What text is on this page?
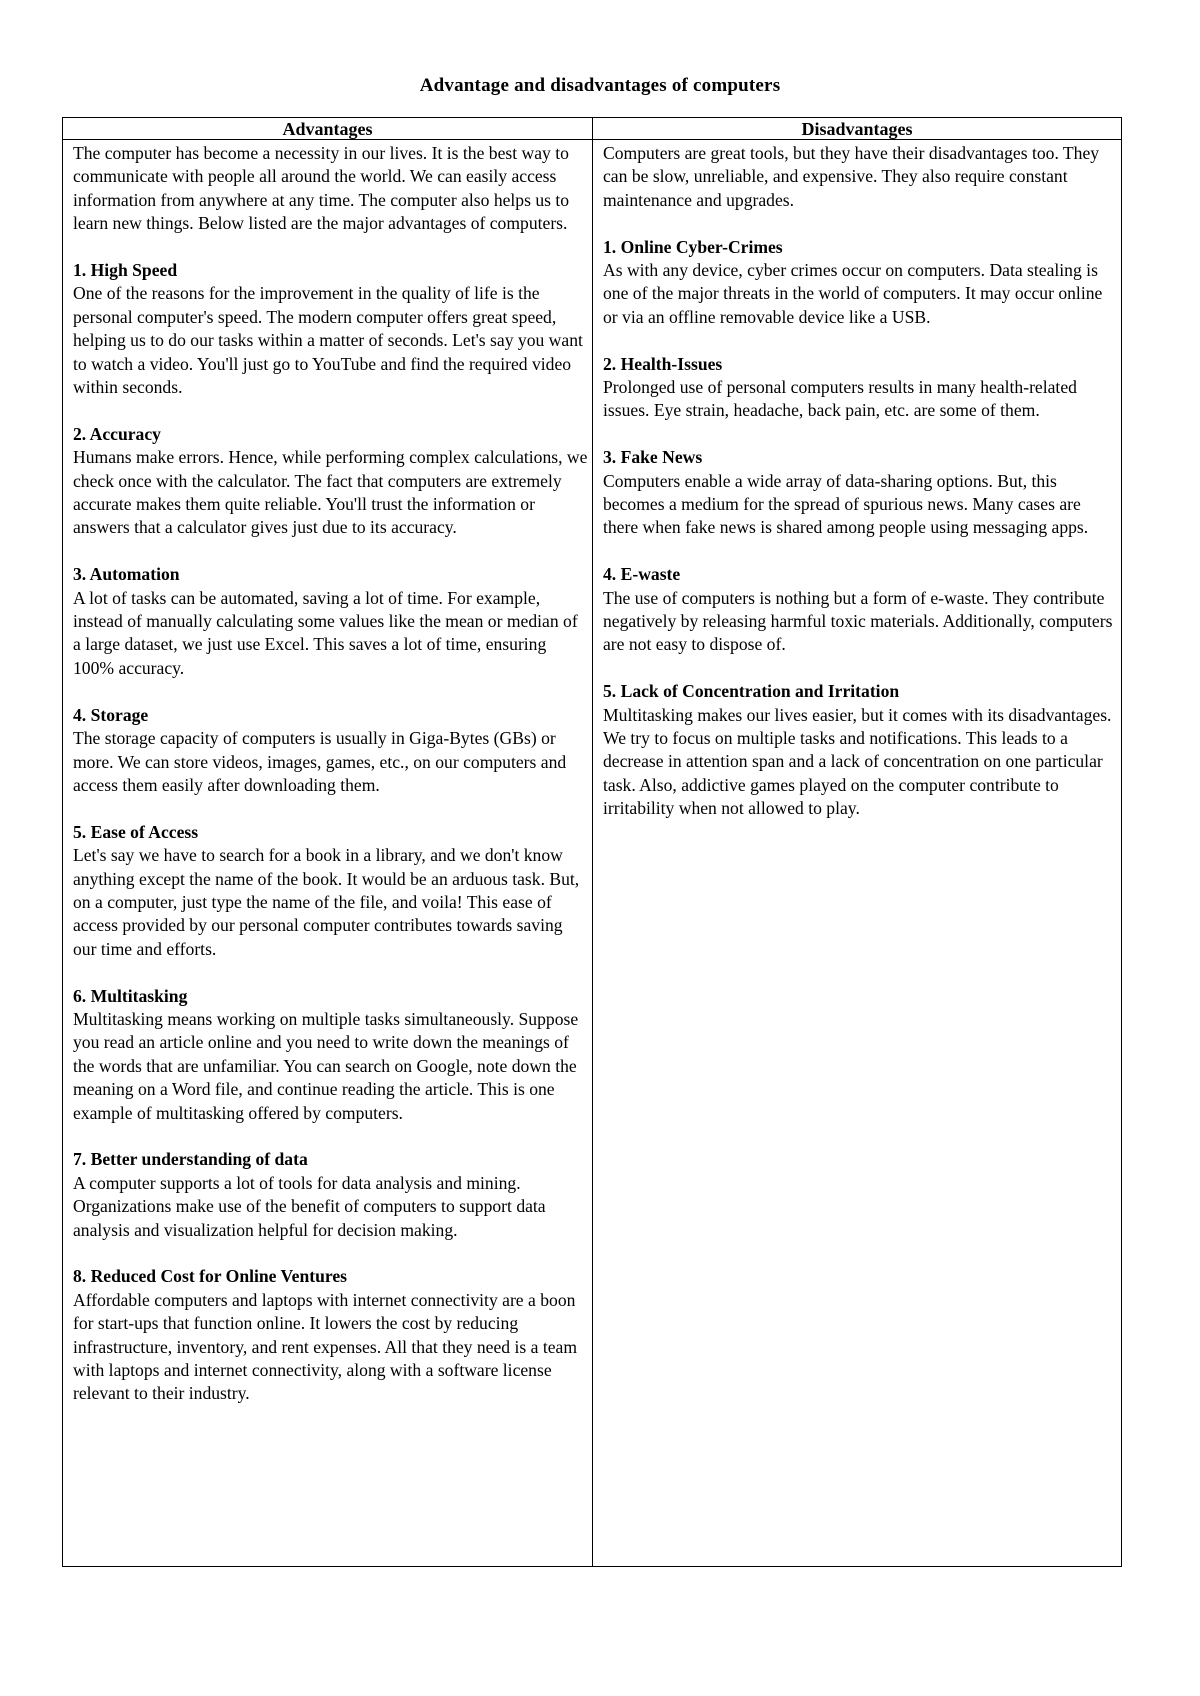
Advantage and disadvantages of computers
Advantages	Disadvantages

The computer has become a necessity in our lives. It is the best way to communicate with people all around the world. We can easily access information from anywhere at any time. The computer also helps us to learn new things. Below listed are the major advantages of computers.

1. High Speed

One of the reasons for the improvement in the quality of life is the personal computer's speed. The modern computer offers great speed, helping us to do our tasks within a matter of seconds. Let's say you want to watch a video. You'll just go to YouTube and find the required video within seconds.

2. Accuracy

Humans make errors. Hence, while performing complex calculations, we check once with the calculator. The fact that computers are extremely accurate makes them quite reliable. You'll trust the information or answers that a calculator gives just due to its accuracy.

3. Automation

A lot of tasks can be automated, saving a lot of time. For example, instead of manually calculating some values like the mean or median of a large dataset, we just use Excel. This saves a lot of time, ensuring 100% accuracy.

4. Storage

The storage capacity of computers is usually in Giga-Bytes (GBs) or more. We can store videos, images, games, etc., on our computers and access them easily after downloading them.

5. Ease of Access

Let's say we have to search for a book in a library, and we don't know anything except the name of the book. It would be an arduous task. But, on a computer, just type the name of the file, and voila! This ease of access provided by our personal computer contributes towards saving our time and efforts.

6. Multitasking

Multitasking means working on multiple tasks simultaneously. Suppose you read an article online and you need to write down the meanings of the words that are unfamiliar. You can search on Google, note down the meaning on a Word file, and continue reading the article. This is one example of multitasking offered by computers.

7. Better understanding of data

A computer supports a lot of tools for data analysis and mining. Organizations make use of the benefit of computers to support data analysis and visualization helpful for decision making.

8. Reduced Cost for Online Ventures

Affordable computers and laptops with internet connectivity are a boon for start-ups that function online. It lowers the cost by reducing infrastructure, inventory, and rent expenses. All that they need is a team with laptops and internet connectivity, along with a software license relevant to their industry.

Computers are great tools, but they have their disadvantages too. They can be slow, unreliable, and expensive. They also require constant maintenance and upgrades.

1. Online Cyber-Crimes

As with any device, cyber crimes occur on computers. Data stealing is one of the major threats in the world of computers. It may occur online or via an offline removable device like a USB.

2. Health-Issues

Prolonged use of personal computers results in many health-related issues. Eye strain, headache, back pain, etc. are some of them.

3. Fake News

Computers enable a wide array of data-sharing options. But, this becomes a medium for the spread of spurious news. Many cases are there when fake news is shared among people using messaging apps.

4. E-waste

The use of computers is nothing but a form of e-waste. They contribute negatively by releasing harmful toxic materials. Additionally, computers are not easy to dispose of.

5. Lack of Concentration and Irritation

Multitasking makes our lives easier, but it comes with its disadvantages. We try to focus on multiple tasks and notifications. This leads to a decrease in attention span and a lack of concentration on one particular task. Also, addictive games played on the computer contribute to irritability when not allowed to play.
